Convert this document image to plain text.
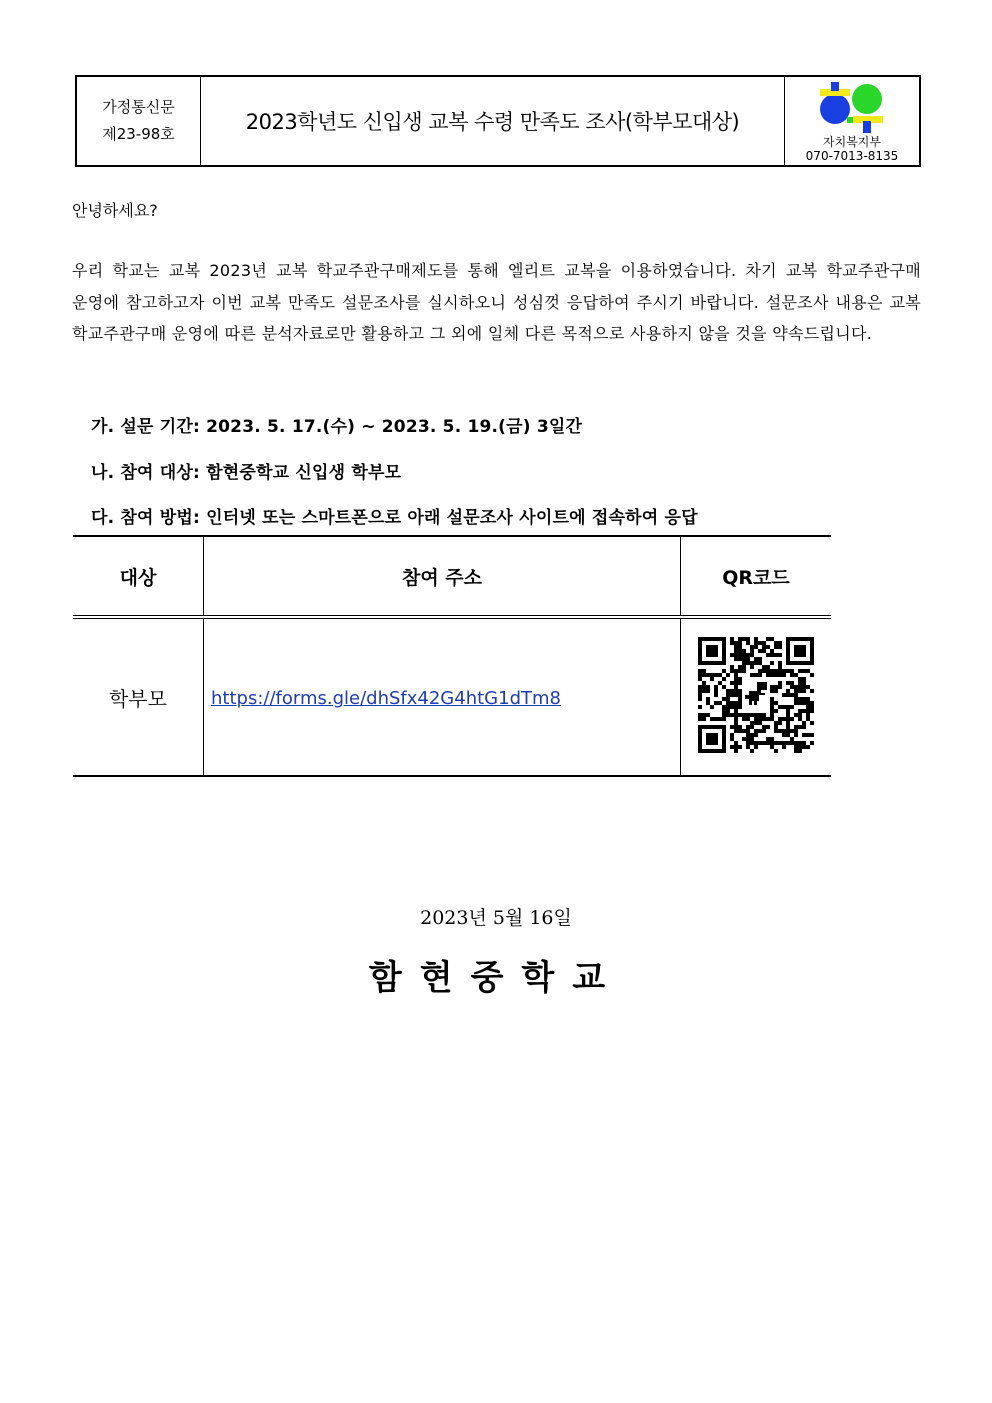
가정통신문
제23-98호	2023학년도 신입생 교복 수령 만족도 조사(학부모대상)
자치복지부
070-7013-8135
안녕하세요?
우리 학교는 교복 2023년 교복 학교주관구매제도를 통해 엘리트 교복을 이용하였습니다. 차기 교복 학교주관구매 운영에 참고하고자 이번 교복 만족도 설문조사를 실시하오니 성심껏 응답하여 주시기 바랍니다. 설문조사 내용은 교복 학교주관구매 운영에 따른 분석자료로만 활용하고 그 외에 일체 다른 목적으로 사용하지 않을 것을 약속드립니다.
가. 설문 기간: 2023. 5. 17.(수) ~ 2023. 5. 19.(금) 3일간
나. 참여 대상: 함현중학교 신입생 학부모
다. 참여 방법: 인터넷 또는 스마트폰으로 아래 설문조사 사이트에 접속하여 응답
대상	참여 주소	QR코드
학부모	https://forms.gle/dhSfx42G4htG1dTm8	
2023년 5월 16일
함현중학교
